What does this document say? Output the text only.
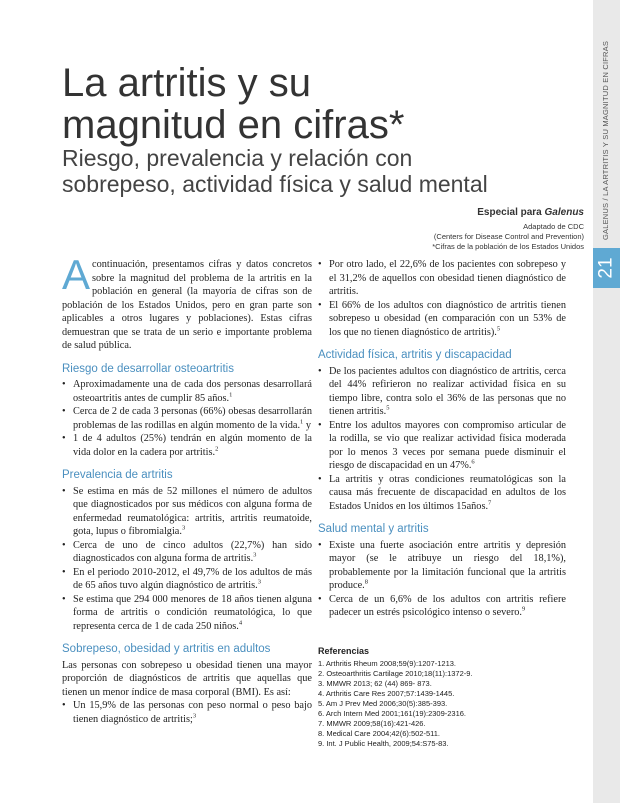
GALENUS / LA ARTRITIS Y SU MAGNITUD EN CIFRAS
21
La artritis y su
magnitud en cifras*
Riesgo, prevalencia y relación con
sobrepeso, actividad física y salud mental
Especial para Galenus
Adaptado de CDC
(Centers for Disease Control and Prevention)
*Cifras de la población de los Estados Unidos

Acontinuación, presentamos cifras y datos concretos sobre la magnitud del problema de la artritis en la población en general (la mayoría de cifras son de población de los Estados Unidos, pero en gran parte son aplicables a otros lugares y poblaciones). Estas cifras demuestran que se trata de un serio e importante problema de salud pública.

Riesgo de desarrollar osteoartritis
• Aproximadamente una de cada dos personas desarrollará osteoartritis antes de cumplir 85 años.$^1$
• Cerca de 2 de cada 3 personas (66%) obesas desarrollarán problemas de las rodillas en algún momento de la vida.$^1$ y
• 1 de 4 adultos (25%) tendrán en algún momento de la vida dolor en la cadera por artritis.$^2$
Prevalencia de artritis
• Se estima en más de 52 millones el número de adultos que diagnosticados por sus médicos con alguna forma de enfermedad reumatológica: artritis, artritis reumatoide, gota, lupus o fibromialgia.$^3$
• Cerca de uno de cinco adultos (22,7%) han sido diagnosticados con alguna forma de artritis.$^3$
• En el periodo 2010-2012, el 49,7% de los adultos de más de 65 años tuvo algún diagnóstico de artritis.$^3$
• Se estima que 294 000 menores de 18 años tienen alguna forma de artritis o condición reumatológica, lo que representa cerca de 1 de cada 250 niños.$^4$
Sobrepeso, obesidad y artritis en adultos

Las personas con sobrepeso u obesidad tienen una mayor proporción de diagnósticos de artritis que aquellas que tienen un menor índice de masa corporal (BMI). Es así:

• Un 15,9% de las personas con peso normal o peso bajo tienen diagnóstico de artritis;$^3$
• Por otro lado, el 22,6% de los pacientes con sobrepeso y el 31,2% de aquellos con obesidad tienen diagnóstico de artritis.
• El 66% de los adultos con diagnóstico de artritis tienen sobrepeso u obesidad (en comparación con un 53% de los que no tienen diagnóstico de artritis).$^5$
Actividad física, artritis y discapacidad
• De los pacientes adultos con diagnóstico de artritis, cerca del 44% refirieron no realizar actividad física en su tiempo libre, contra solo el 36% de las personas que no tienen artritis.$^5$
• Entre los adultos mayores con compromiso articular de la rodilla, se vio que realizar actividad física moderada por lo menos 3 veces por semana puede disminuir el riesgo de discapacidad en un 47%.$^6$
• La artritis y otras condiciones reumatológicas son la causa más frecuente de discapacidad en adultos de los Estados Unidos en los últimos 15años.$^7$
Salud mental y artritis
• Existe una fuerte asociación entre artritis y depresión mayor (se le atribuye un riesgo del 18,1%), probablemente por la limitación funcional que la artritis produce.$^8$
• Cerca de un 6,6% de los adultos con artritis refiere padecer un estrés psicológico intenso o severo.$^9$
Referencias
1. Arthritis Rheum 2008;59(9):1207-1213.
2. Osteoarthritis Cartilage 2010;18(11):1372-9.
3. MMWR 2013; 62 (44) 869- 873.
4. Arthritis Care Res 2007;57:1439-1445.
5. Am J Prev Med 2006;30(5):385-393.
6. Arch Intern Med 2001;161(19):2309-2316.
7. MMWR 2009;58(16):421-426.
8. Medical Care 2004;42(6):502-511.
9. Int. J Public Health, 2009;54:S75-83.
